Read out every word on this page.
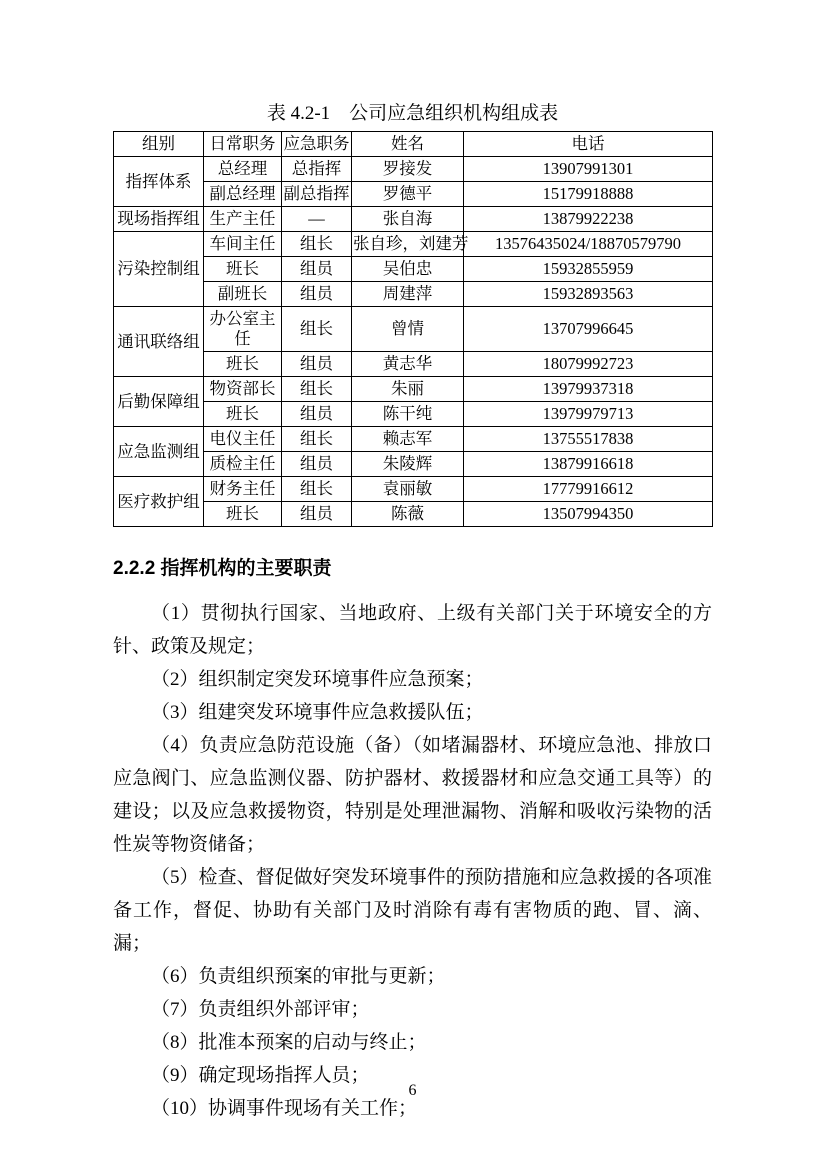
表 4.2-1　公司应急组织机构组成表

组别	日常职务	应急职务	姓名	电话
指挥体系	总经理	总指挥	罗接发	13907991301
	副总经理	副总指挥	罗德平	15179918888
现场指挥组	生产主任	—	张自海	13879922238
污染控制组	车间主任	组长	张自珍，刘建芳	13576435024/18870579790
	班长	组员	吴伯忠	15932855959
	副班长	组员	周建萍	15932893563
通讯联络组	办公室主任	组长	曾情	13707996645
	班长	组员	黄志华	18079992723
后勤保障组	物资部长	组长	朱丽	13979937318
	班长	组员	陈干纯	13979979713
应急监测组	电仪主任	组长	赖志军	13755517838
	质检主任	组员	朱陵辉	13879916618
医疗救护组	财务主任	组长	袁丽敏	17779916612
	班长	组员	陈薇	13507994350
2.2.2 指挥机构的主要职责

（1）贯彻执行国家、当地政府、上级有关部门关于环境安全的方针、政策及规定；

（2）组织制定突发环境事件应急预案；

（3）组建突发环境事件应急救援队伍；

（4）负责应急防范设施（备）（如堵漏器材、环境应急池、排放口应急阀门、应急监测仪器、防护器材、救援器材和应急交通工具等）的建设；以及应急救援物资，特别是处理泄漏物、消解和吸收污染物的活性炭等物资储备；

（5）检查、督促做好突发环境事件的预防措施和应急救援的各项准备工作，督促、协助有关部门及时消除有毒有害物质的跑、冒、滴、漏；

（6）负责组织预案的审批与更新；

（7）负责组织外部评审；

（8）批准本预案的启动与终止；

（9）确定现场指挥人员；

（10）协调事件现场有关工作；

6
